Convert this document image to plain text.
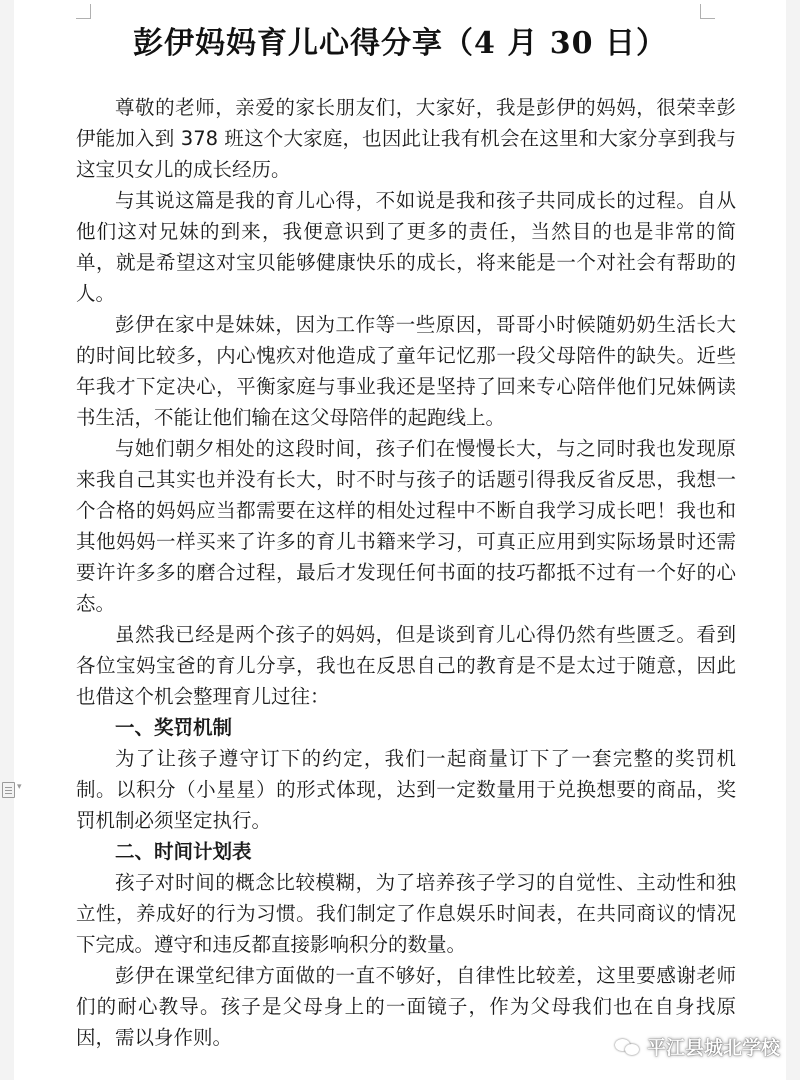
彭伊妈妈育儿心得分享（4 月 30 日）

尊敬的老师，亲爱的家长朋友们，大家好，我是彭伊的妈妈，很荣幸彭伊能加入到 378 班这个大家庭，也因此让我有机会在这里和大家分享到我与这宝贝女儿的成长经历。

与其说这篇是我的育儿心得，不如说是我和孩子共同成长的过程。自从他们这对兄妹的到来，我便意识到了更多的责任，当然目的也是非常的简单，就是希望这对宝贝能够健康快乐的成长，将来能是一个对社会有帮助的人。

彭伊在家中是妹妹，因为工作等一些原因，哥哥小时候随奶奶生活长大的时间比较多，内心愧疚对他造成了童年记忆那一段父母陪件的缺失。近些年我才下定决心，平衡家庭与事业我还是坚持了回来专心陪伴他们兄妹俩读书生活，不能让他们输在这父母陪伴的起跑线上。

与她们朝夕相处的这段时间，孩子们在慢慢长大，与之同时我也发现原来我自己其实也并没有长大，时不时与孩子的话题引得我反省反思，我想一个合格的妈妈应当都需要在这样的相处过程中不断自我学习成长吧！我也和其他妈妈一样买来了许多的育儿书籍来学习，可真正应用到实际场景时还需要许许多多的磨合过程，最后才发现任何书面的技巧都抵不过有一个好的心态。

虽然我已经是两个孩子的妈妈，但是谈到育儿心得仍然有些匮乏。看到各位宝妈宝爸的育儿分享，我也在反思自己的教育是不是太过于随意，因此也借这个机会整理育儿过往：

一、奖罚机制

为了让孩子遵守订下的约定，我们一起商量订下了一套完整的奖罚机制。以积分（小星星）的形式体现，达到一定数量用于兑换想要的商品，奖罚机制必须坚定执行。

二、时间计划表

孩子对时间的概念比较模糊，为了培养孩子学习的自觉性、主动性和独立性，养成好的行为习惯。我们制定了作息娱乐时间表，在共同商议的情况下完成。遵守和违反都直接影响积分的数量。

彭伊在课堂纪律方面做的一直不够好，自律性比较差，这里要感谢老师们的耐心教导。孩子是父母身上的一面镜子，作为父母我们也在自身找原因，需以身作则。

▾
平江县城北学校
